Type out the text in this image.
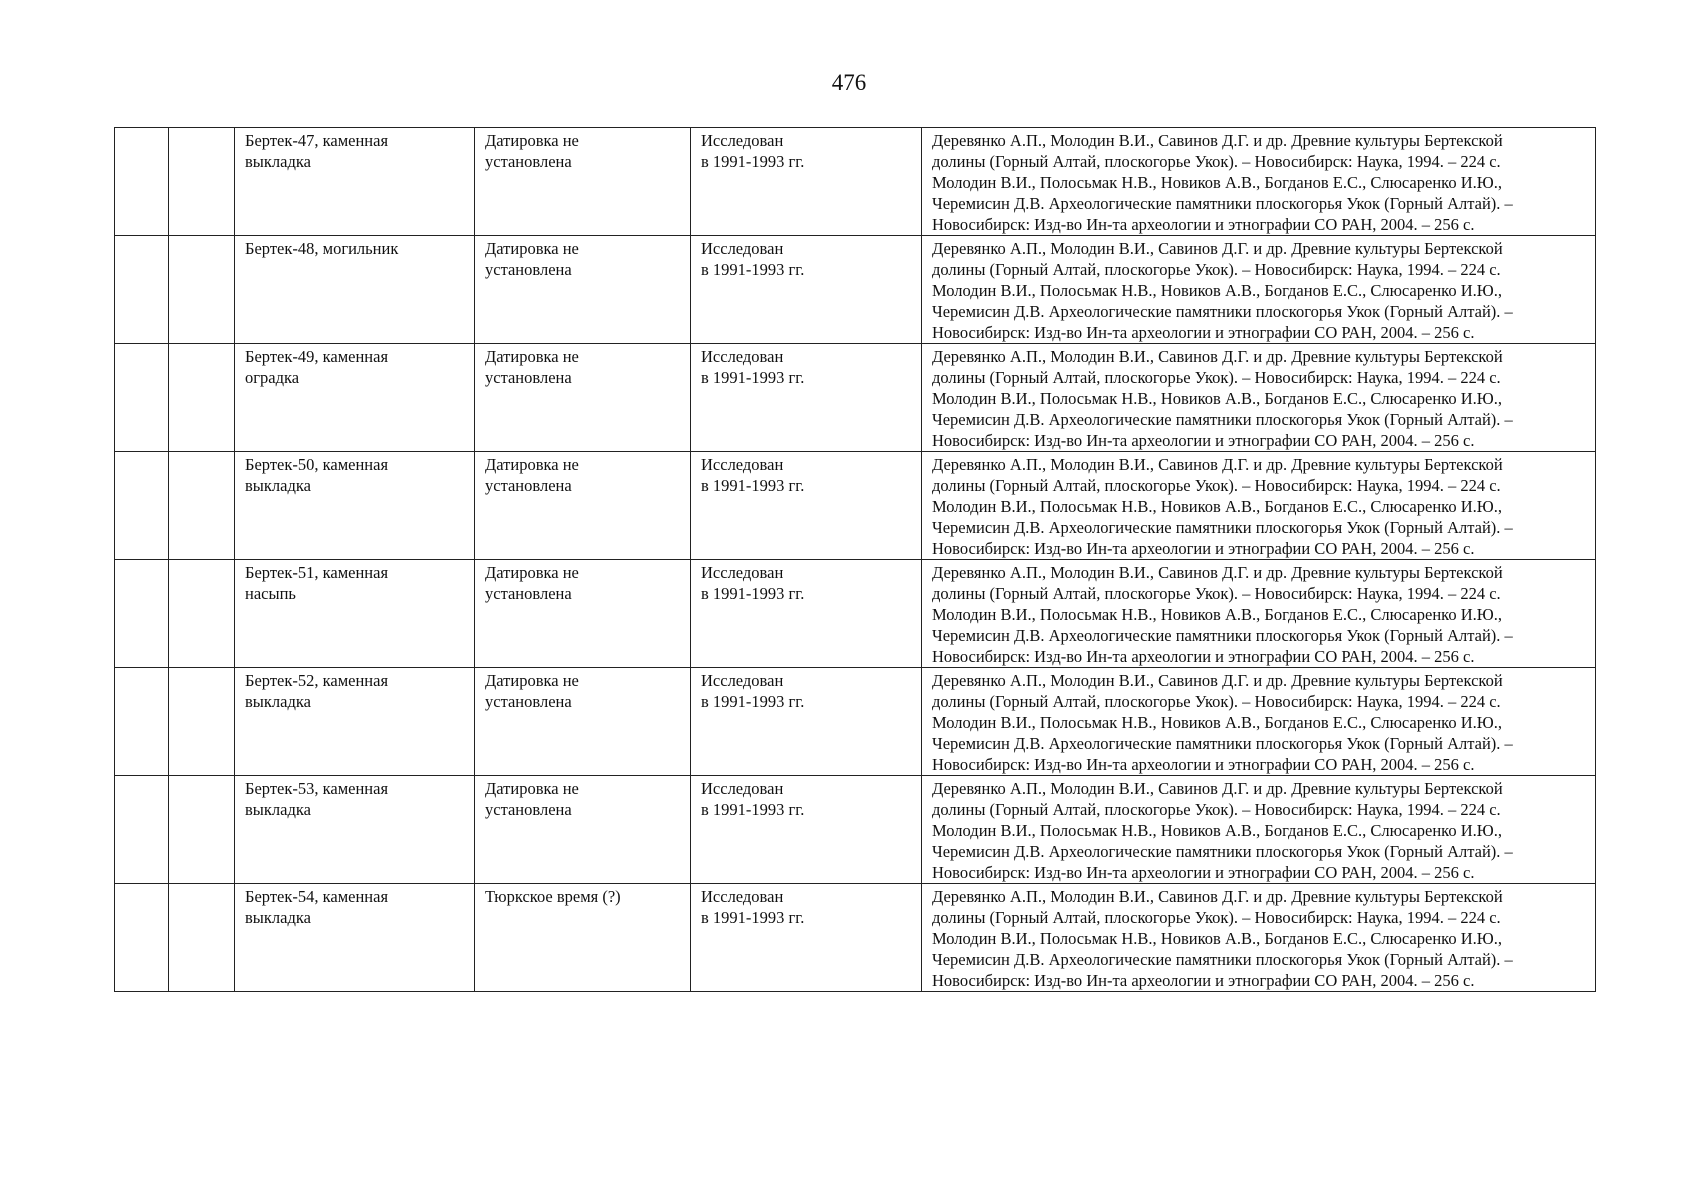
476

		Бертек-47, каменная
выкладка	Датировка не
установлена	Исследован
в 1991-1993 гг.	Деревянко А.П., Молодин В.И., Савинов Д.Г. и др. Древние культуры Бертекской
долины (Горный Алтай, плоскогорье Укок). – Новосибирск: Наука, 1994. – 224 с.
Молодин В.И., Полосьмак Н.В., Новиков А.В., Богданов Е.С., Слюсаренко И.Ю.,
Черемисин Д.В. Археологические памятники плоскогорья Укок (Горный Алтай). –
Новосибирск: Изд-во Ин-та археологии и этнографии СО РАН, 2004. – 256 с.

		Бертек-48, могильник	Датировка не
установлена	Исследован
в 1991-1993 гг.	Деревянко А.П., Молодин В.И., Савинов Д.Г. и др. Древние культуры Бертекской
долины (Горный Алтай, плоскогорье Укок). – Новосибирск: Наука, 1994. – 224 с.
Молодин В.И., Полосьмак Н.В., Новиков А.В., Богданов Е.С., Слюсаренко И.Ю.,
Черемисин Д.В. Археологические памятники плоскогорья Укок (Горный Алтай). –
Новосибирск: Изд-во Ин-та археологии и этнографии СО РАН, 2004. – 256 с.

		Бертек-49, каменная
оградка	Датировка не
установлена	Исследован
в 1991-1993 гг.	Деревянко А.П., Молодин В.И., Савинов Д.Г. и др. Древние культуры Бертекской
долины (Горный Алтай, плоскогорье Укок). – Новосибирск: Наука, 1994. – 224 с.
Молодин В.И., Полосьмак Н.В., Новиков А.В., Богданов Е.С., Слюсаренко И.Ю.,
Черемисин Д.В. Археологические памятники плоскогорья Укок (Горный Алтай). –
Новосибирск: Изд-во Ин-та археологии и этнографии СО РАН, 2004. – 256 с.

		Бертек-50, каменная
выкладка	Датировка не
установлена	Исследован
в 1991-1993 гг.	Деревянко А.П., Молодин В.И., Савинов Д.Г. и др. Древние культуры Бертекской
долины (Горный Алтай, плоскогорье Укок). – Новосибирск: Наука, 1994. – 224 с.
Молодин В.И., Полосьмак Н.В., Новиков А.В., Богданов Е.С., Слюсаренко И.Ю.,
Черемисин Д.В. Археологические памятники плоскогорья Укок (Горный Алтай). –
Новосибирск: Изд-во Ин-та археологии и этнографии СО РАН, 2004. – 256 с.

		Бертек-51, каменная
насыпь	Датировка не
установлена	Исследован
в 1991-1993 гг.	Деревянко А.П., Молодин В.И., Савинов Д.Г. и др. Древние культуры Бертекской
долины (Горный Алтай, плоскогорье Укок). – Новосибирск: Наука, 1994. – 224 с.
Молодин В.И., Полосьмак Н.В., Новиков А.В., Богданов Е.С., Слюсаренко И.Ю.,
Черемисин Д.В. Археологические памятники плоскогорья Укок (Горный Алтай). –
Новосибирск: Изд-во Ин-та археологии и этнографии СО РАН, 2004. – 256 с.

		Бертек-52, каменная
выкладка	Датировка не
установлена	Исследован
в 1991-1993 гг.	Деревянко А.П., Молодин В.И., Савинов Д.Г. и др. Древние культуры Бертекской
долины (Горный Алтай, плоскогорье Укок). – Новосибирск: Наука, 1994. – 224 с.
Молодин В.И., Полосьмак Н.В., Новиков А.В., Богданов Е.С., Слюсаренко И.Ю.,
Черемисин Д.В. Археологические памятники плоскогорья Укок (Горный Алтай). –
Новосибирск: Изд-во Ин-та археологии и этнографии СО РАН, 2004. – 256 с.

		Бертек-53, каменная
выкладка	Датировка не
установлена	Исследован
в 1991-1993 гг.	Деревянко А.П., Молодин В.И., Савинов Д.Г. и др. Древние культуры Бертекской
долины (Горный Алтай, плоскогорье Укок). – Новосибирск: Наука, 1994. – 224 с.
Молодин В.И., Полосьмак Н.В., Новиков А.В., Богданов Е.С., Слюсаренко И.Ю.,
Черемисин Д.В. Археологические памятники плоскогорья Укок (Горный Алтай). –
Новосибирск: Изд-во Ин-та археологии и этнографии СО РАН, 2004. – 256 с.

		Бертек-54, каменная
выкладка	Тюркское время (?)	Исследован
в 1991-1993 гг.	Деревянко А.П., Молодин В.И., Савинов Д.Г. и др. Древние культуры Бертекской
долины (Горный Алтай, плоскогорье Укок). – Новосибирск: Наука, 1994. – 224 с.
Молодин В.И., Полосьмак Н.В., Новиков А.В., Богданов Е.С., Слюсаренко И.Ю.,
Черемисин Д.В. Археологические памятники плоскогорья Укок (Горный Алтай). –
Новосибирск: Изд-во Ин-та археологии и этнографии СО РАН, 2004. – 256 с.
